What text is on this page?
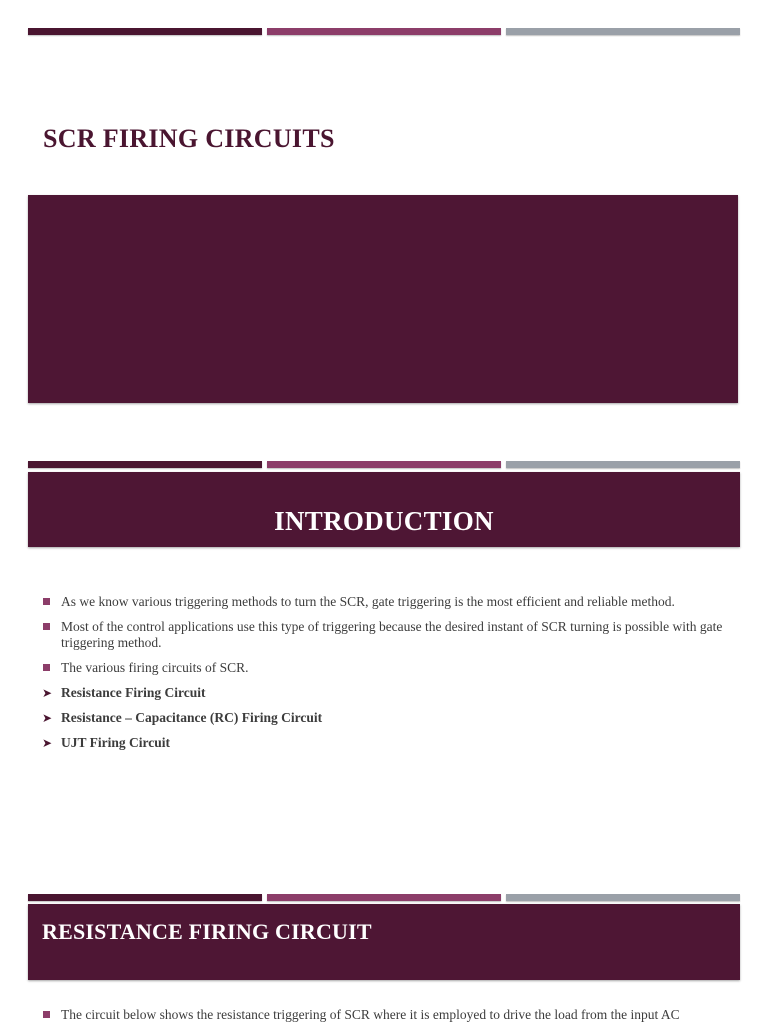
SCR FIRING CIRCUITS
INTRODUCTION
As we know various triggering methods to turn the SCR, gate triggering is the most efficient and reliable method.
Most of the control applications use this type of triggering because the desired instant of SCR turning is possible with gate triggering method.
The various firing circuits of SCR.
➤ Resistance Firing Circuit
➤ Resistance – Capacitance (RC) Firing Circuit
➤ UJT Firing Circuit
RESISTANCE FIRING CIRCUIT
The circuit below shows the resistance triggering of SCR where it is employed to drive the load from the input AC
